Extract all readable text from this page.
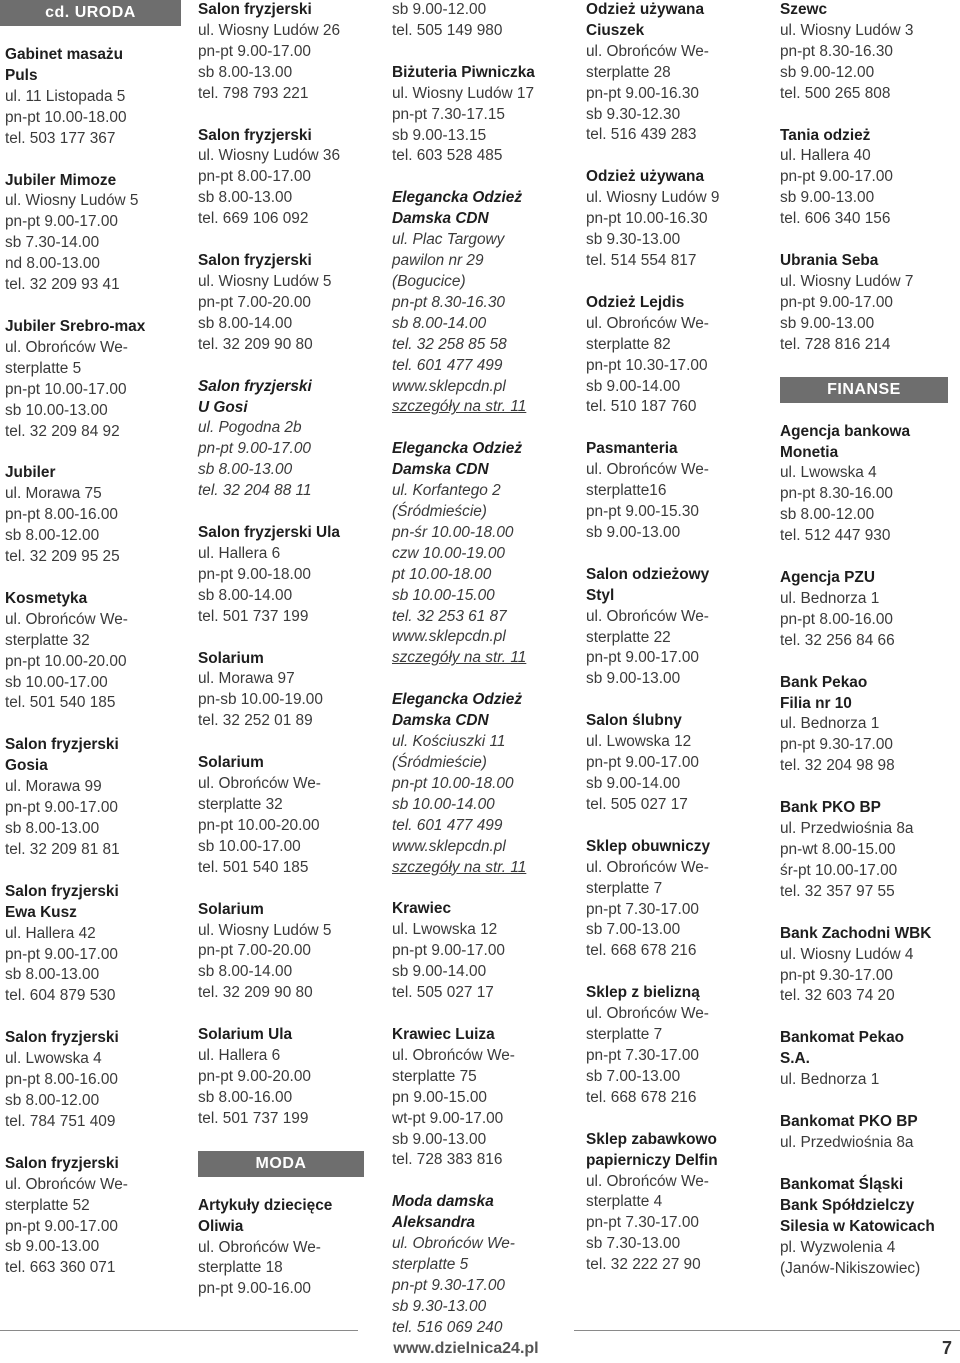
cd. URODA
Gabinet masażu
Puls
ul. 11 Listopada 5
pn-pt 10.00-18.00
tel. 503 177 367
Jubiler Mimoze
ul. Wiosny Ludów 5
pn-pt 9.00-17.00
sb 7.30-14.00
nd 8.00-13.00
tel. 32 209 93 41
Jubiler Srebro-max
ul. Obrońców We-
sterplatte 5
pn-pt 10.00-17.00
sb 10.00-13.00
tel. 32 209 84 92
Jubiler
ul. Morawa 75
pn-pt 8.00-16.00
sb 8.00-12.00
tel. 32 209 95 25
Kosmetyka
ul. Obrońców We-
sterplatte 32
pn-pt 10.00-20.00
sb 10.00-17.00
tel. 501 540 185
Salon fryzjerski
Gosia
ul. Morawa 99
pn-pt 9.00-17.00
sb 8.00-13.00
tel. 32 209 81 81
Salon fryzjerski
Ewa Kusz
ul. Hallera 42
pn-pt 9.00-17.00
sb 8.00-13.00
tel. 604 879 530
Salon fryzjerski
ul. Lwowska 4
pn-pt 8.00-16.00
sb 8.00-12.00
tel. 784 751 409
Salon fryzjerski
ul. Obrońców We-
sterplatte 52
pn-pt 9.00-17.00
sb 9.00-13.00
tel. 663 360 071
Salon fryzjerski
ul. Wiosny Ludów 26
pn-pt 9.00-17.00
sb 8.00-13.00
tel. 798 793 221
Salon fryzjerski
ul. Wiosny Ludów 36
pn-pt 8.00-17.00
sb 8.00-13.00
tel. 669 106 092
Salon fryzjerski
ul. Wiosny Ludów 5
pn-pt 7.00-20.00
sb 8.00-14.00
tel. 32 209 90 80
Salon fryzjerski
U Gosi
ul. Pogodna 2b
pn-pt 9.00-17.00
sb 8.00-13.00
tel. 32 204 88 11
Salon fryzjerski Ula
ul. Hallera 6
pn-pt 9.00-18.00
sb 8.00-14.00
tel. 501 737 199
Solarium
ul. Morawa 97
pn-sb 10.00-19.00
tel. 32 252 01 89
Solarium
ul. Obrońców We-
sterplatte 32
pn-pt 10.00-20.00
sb 10.00-17.00
tel. 501 540 185
Solarium
ul. Wiosny Ludów 5
pn-pt 7.00-20.00
sb 8.00-14.00
tel. 32 209 90 80
Solarium Ula
ul. Hallera 6
pn-pt 9.00-20.00
sb 8.00-16.00
tel. 501 737 199
MODA
Artykuły dziecięce
Oliwia
ul. Obrońców We-
sterplatte 18
pn-pt 9.00-16.00
sb 9.00-12.00
tel. 505 149 980
Biżuteria Piwniczka
ul. Wiosny Ludów 17
pn-pt 7.30-17.15
sb 9.00-13.15
tel. 603 528 485
Elegancka Odzież
Damska CDN
ul. Plac Targowy
pawilon nr 29
(Bogucice)
pn-pt 8.30-16.30
sb 8.00-14.00
tel. 32 258 85 58
tel. 601 477 499
www.sklepcdn.pl
szczegóły na str. 11
Elegancka Odzież
Damska CDN
ul. Korfantego 2
(Śródmieście)
pn-śr 10.00-18.00
czw 10.00-19.00
pt 10.00-18.00
sb 10.00-15.00
tel. 32 253 61 87
www.sklepcdn.pl
szczegóły na str. 11
Elegancka Odzież
Damska CDN
ul. Kościuszki 11
(Śródmieście)
pn-pt 10.00-18.00
sb 10.00-14.00
tel. 601 477 499
www.sklepcdn.pl
szczegóły na str. 11
Krawiec
ul. Lwowska 12
pn-pt 9.00-17.00
sb 9.00-14.00
tel. 505 027 17
Krawiec Luiza
ul. Obrońców We-
sterplatte 75
pn 9.00-15.00
wt-pt 9.00-17.00
sb 9.00-13.00
tel. 728 383 816
Moda damska
Aleksandra
ul. Obrońców We-
sterplatte 5
pn-pt 9.30-17.00
sb 9.30-13.00
tel. 516 069 240
Odzież używana
Ciuszek
ul. Obrońców We-
sterplatte 28
pn-pt 9.00-16.30
sb 9.30-12.30
tel. 516 439 283
Odzież używana
ul. Wiosny Ludów 9
pn-pt 10.00-16.30
sb 9.30-13.00
tel. 514 554 817
Odzież Lejdis
ul. Obrońców We-
sterplatte 82
pn-pt 10.30-17.00
sb 9.00-14.00
tel. 510 187 760
Pasmanteria
ul. Obrońców We-
sterplatte16
pn-pt 9.00-15.30
sb 9.00-13.00
Salon odzieżowy
Styl
ul. Obrońców We-
sterplatte 22
pn-pt 9.00-17.00
sb 9.00-13.00
Salon ślubny
ul. Lwowska 12
pn-pt 9.00-17.00
sb 9.00-14.00
tel. 505 027 17
Sklep obuwniczy
ul. Obrońców We-
sterplatte 7
pn-pt 7.30-17.00
sb 7.00-13.00
tel. 668 678 216
Sklep z bielizną
ul. Obrońców We-
sterplatte 7
pn-pt 7.30-17.00
sb 7.00-13.00
tel. 668 678 216
Sklep zabawkowo
papierniczy Delfin
ul. Obrońców We-
sterplatte 4
pn-pt 7.30-17.00
sb 7.30-13.00
tel. 32 222 27 90
Szewc
ul. Wiosny Ludów 3
pn-pt 8.30-16.30
sb 9.00-12.00
tel. 500 265 808
Tania odzież
ul. Hallera 40
pn-pt 9.00-17.00
sb 9.00-13.00
tel. 606 340 156
Ubrania Seba
ul. Wiosny Ludów 7
pn-pt 9.00-17.00
sb 9.00-13.00
tel. 728 816 214
FINANSE
Agencja bankowa
Monetia
ul. Lwowska 4
pn-pt 8.30-16.00
sb 8.00-12.00
tel. 512 447 930
Agencja PZU
ul. Bednorza 1
pn-pt 8.00-16.00
tel. 32 256 84 66
Bank Pekao
Filia nr 10
ul. Bednorza 1
pn-pt 9.30-17.00
tel. 32 204 98 98
Bank PKO BP
ul. Przedwiośnia 8a
pn-wt 8.00-15.00
śr-pt 10.00-17.00
tel. 32 357 97 55
Bank Zachodni WBK
ul. Wiosny Ludów 4
pn-pt 9.30-17.00
tel. 32 603 74 20
Bankomat Pekao
S.A.
ul. Bednorza 1
Bankomat PKO BP
ul. Przedwiośnia 8a
Bankomat Śląski
Bank Spółdzielczy
Silesia w Katowicach
pl. Wyzwolenia 4
(Janów-Nikiszowiec)
www.dzielnica24.pl	7
